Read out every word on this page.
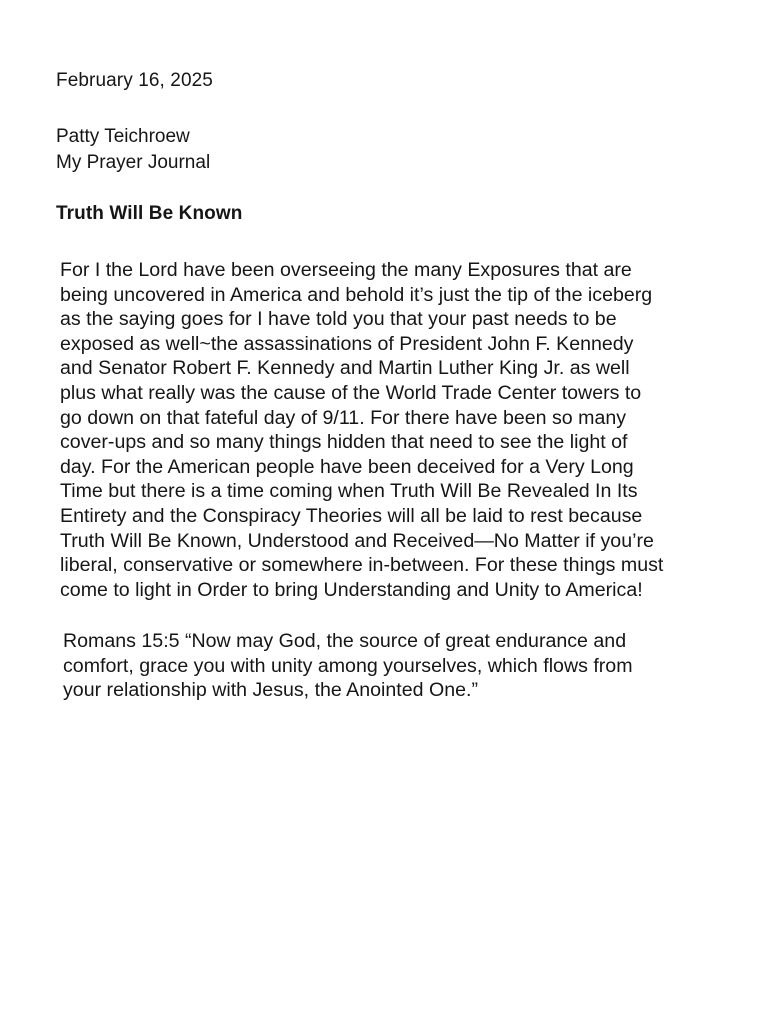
February 16, 2025
Patty Teichroew
My Prayer Journal
Truth Will Be Known
For I the Lord have been overseeing the many Exposures that are
being uncovered in America and behold it’s just the tip of the iceberg
as the saying goes for I have told you that your past needs to be
exposed as well~the assassinations of President John F. Kennedy
and Senator Robert F. Kennedy and Martin Luther King Jr. as well
plus what really was the cause of the World Trade Center towers to
go down on that fateful day of 9/11. For there have been so many
cover-ups and so many things hidden that need to see the light of
day. For the American people have been deceived for a Very Long
Time but there is a time coming when Truth Will Be Revealed In Its
Entirety and the Conspiracy Theories will all be laid to rest because
Truth Will Be Known, Understood and Received—No Matter if you’re
liberal, conservative or somewhere in-between. For these things must
come to light in Order to bring Understanding and Unity to America!
Romans 15:5 “Now may God, the source of great endurance and
comfort, grace you with unity among yourselves, which flows from
your relationship with Jesus, the Anointed One.”
